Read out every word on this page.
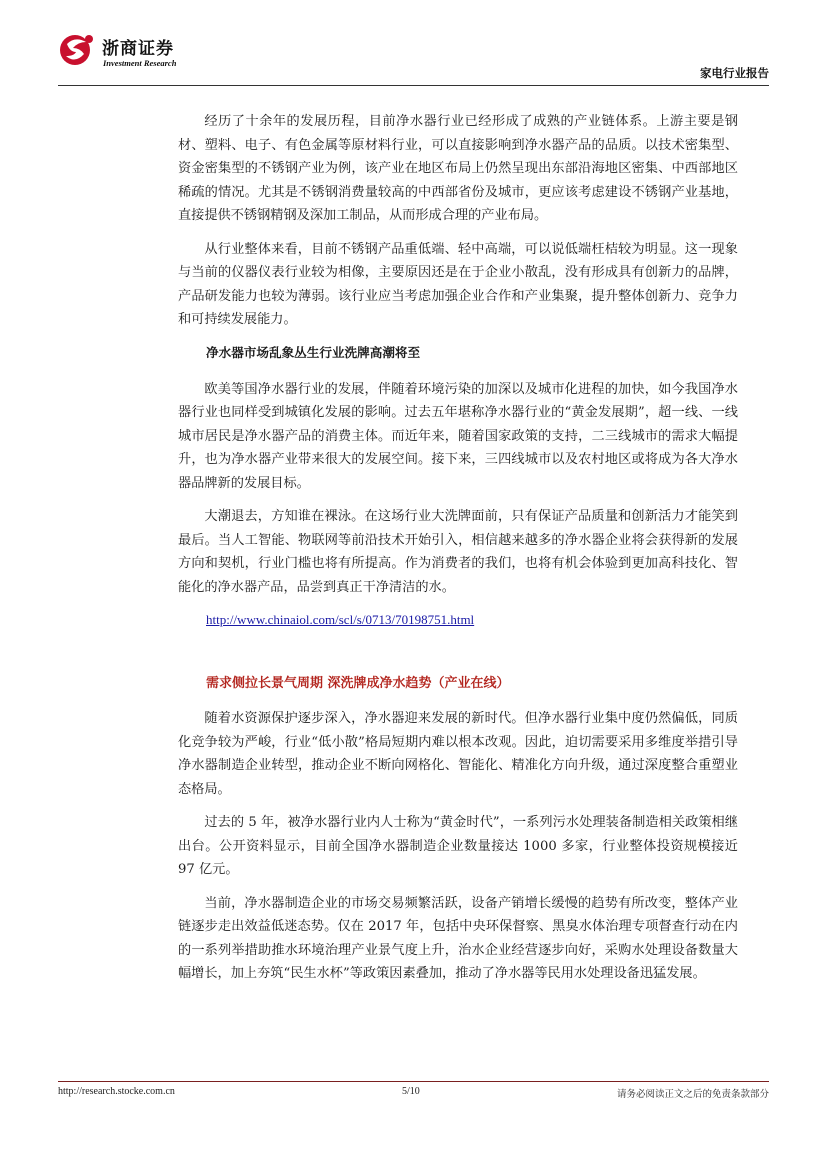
浙商证券
Investment Research
家电行业报告

经历了十余年的发展历程，目前净水器行业已经形成了成熟的产业链体系。上游主要是钢材、塑料、电子、有色金属等原材料行业，可以直接影响到净水器产品的品质。以技术密集型、资金密集型的不锈钢产业为例，该产业在地区布局上仍然呈现出东部沿海地区密集、中西部地区稀疏的情况。尤其是不锈钢消费量较高的中西部省份及城市，更应该考虑建设不锈钢产业基地，直接提供不锈钢精钢及深加工制品，从而形成合理的产业布局。

从行业整体来看，目前不锈钢产品重低端、轻中高端，可以说低端枉桔较为明显。这一现象与当前的仪器仪表行业较为相像，主要原因还是在于企业小散乱，没有形成具有创新力的品牌，产品研发能力也较为薄弱。该行业应当考虑加强企业合作和产业集聚，提升整体创新力、竞争力和可持续发展能力。

净水器市场乱象丛生行业洗牌高潮将至

欧美等国净水器行业的发展，伴随着环境污染的加深以及城市化进程的加快，如今我国净水器行业也同样受到城镇化发展的影响。过去五年堪称净水器行业的“黄金发展期”，超一线、一线城市居民是净水器产品的消费主体。而近年来，随着国家政策的支持，二三线城市的需求大幅提升，也为净水器产业带来很大的发展空间。接下来，三四线城市以及农村地区或将成为各大净水器品牌新的发展目标。

大潮退去，方知谁在裸泳。在这场行业大洗牌面前，只有保证产品质量和创新活力才能笑到最后。当人工智能、物联网等前沿技术开始引入，相信越来越多的净水器企业将会获得新的发展方向和契机，行业门槛也将有所提高。作为消费者的我们，也将有机会体验到更加高科技化、智能化的净水器产品，品尝到真正干净清洁的水。

http://www.chinaiol.com/scl/s/0713/70198751.html
需求侧拉长景气周期 深洗牌成净水趋势（产业在线）

随着水资源保护逐步深入，净水器迎来发展的新时代。但净水器行业集中度仍然偏低，同质化竞争较为严峻，行业“低小散”格局短期内难以根本改观。因此，迫切需要采用多维度举措引导净水器制造企业转型，推动企业不断向网格化、智能化、精准化方向升级，通过深度整合重塑业态格局。

过去的 5 年，被净水器行业内人士称为“黄金时代”，一系列污水处理装备制造相关政策相继出台。公开资料显示，目前全国净水器制造企业数量接达 1000 多家，行业整体投资规模接近 97 亿元。

当前，净水器制造企业的市场交易频繁活跃，设备产销增长缓慢的趋势有所改变，整体产业链逐步走出效益低迷态势。仅在 2017 年，包括中央环保督察、黑臭水体治理专项督查行动在内的一系列举措助推水环境治理产业景气度上升，治水企业经营逐步向好，采购水处理设备数量大幅增长，加上夯筑“民生水杯”等政策因素叠加，推动了净水器等民用水处理设备迅猛发展。

http://research.stocke.com.cn	5/10	请务必阅读正文之后的免责条款部分
